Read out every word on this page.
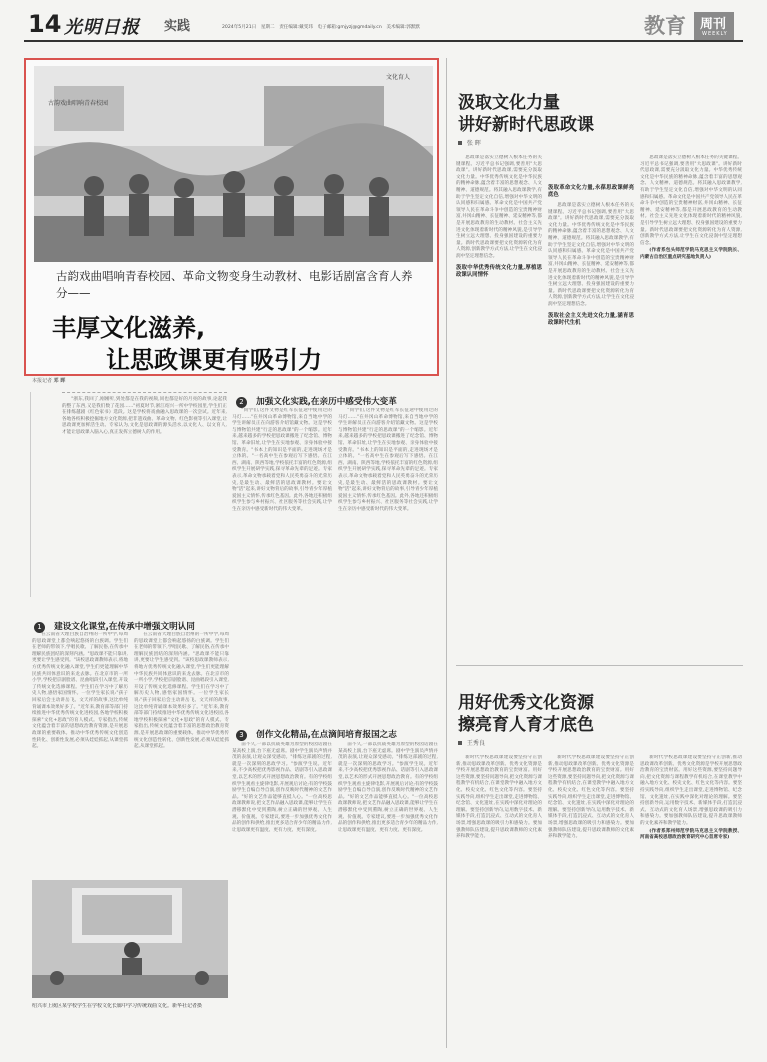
14 光明日报 实践	2024年5月21日　星期二　责任编辑:戴雯玮　电子邮箱:gmjyzj@gmdaily.cn　美术编辑:郭默默	教育 周刊
WEEKLY
古韵戏曲唱响青春校园
文化育人
古韵戏曲唱响青春校园、革命文物变身生动教材、电影话剧富含育人养分——
丰厚文化滋养,
让思政课更有吸引力
本报记者 邓 晖

"浙东,我回了,刚刚听,到处都是在我的视频,同也都是好的月亮的故事,论起我的整了东西,又是我们数了花园……"初夏时节,浙江绍兴一所中学校园里,学生们正在排练越剧《红色家书》选段。这是学校将戏曲融入思政课的一次尝试。近年来,各地各校积极挖掘地方文化资源,把非遗戏曲、革命文物、红色影视等引入课堂,让思政课更加鲜活生动。专家认为,文化是思政课的源头活水,以文化人、以文育人,才能让思政课入脑入心,真正发挥立德树人的作用。

1 建设文化课堂,在传承中增强文明认同

在云南省大理白族自治州的一所中学,每周的思政课堂上都会响起悠扬的白族调。学生们在老师的带领下,学唱民歌、了解民俗,在传承中理解民族团结的深刻内涵。"思政课不能只靠讲,更要让学生感受到。"该校思政课教师表示,将地方优秀传统文化融入课堂,学生们更能理解中华民族共同体意识的来龙去脉。在北京市的一所小学,学校把京剧脸谱、昆曲唱段引入课堂,开设了传统文化选修课程。学生们在学习中了解历史人物,感悟家国情怀。一位学生家长说:"孩子回家后会主动讲岳飞、文天祥的故事,这比单纯背诵课本效果好多了。"近年来,教育部等部门持续推进中华优秀传统文化进校园,各地学校积极探索"文化+思政"的育人模式。专家指出,传统文化蕴含着丰富的思想政治教育资源,是开展思政课的重要载体。推动中华优秀传统文化创造性转化、创新性发展,必须从娃娃抓起,从课堂抓起。

在云南省大理白族自治州的一所中学,每周的思政课堂上都会响起悠扬的白族调。学生们在老师的带领下,学唱民歌、了解民俗,在传承中理解民族团结的深刻内涵。"思政课不能只靠讲,更要让学生感受到。"该校思政课教师表示,将地方优秀传统文化融入课堂,学生们更能理解中华民族共同体意识的来龙去脉。在北京市的一所小学,学校把京剧脸谱、昆曲唱段引入课堂,开设了传统文化选修课程。学生们在学习中了解历史人物,感悟家国情怀。一位学生家长说:"孩子回家后会主动讲岳飞、文天祥的故事,这比单纯背诵课本效果好多了。"近年来,教育部等部门持续推进中华优秀传统文化进校园,各地学校积极探索"文化+思政"的育人模式。专家指出,传统文化蕴含着丰富的思想政治教育资源,是开展思政课的重要载体。推动中华优秀传统文化创造性转化、创新性发展,必须从娃娃抓起,从课堂抓起。

2 加强文化实践,在亲历中感受伟大变革

"同学们,这件文物是红军长征途中使用过的马灯……"在井冈山革命博物馆,来自当地中学的学生讲解员正在向游客介绍馆藏文物。这是学校与博物馆共建"行走的思政课"的一个缩影。近年来,越来越多的学校把思政课搬进了纪念馆、博物馆、革命旧址,让学生在实地参观、亲身体验中接受教育。"书本上的知识是平面的,走进现场才是立体的。"一名高中生在参观后写下感悟。在江西、湖南、陕西等地,学校依托丰富的红色资源,组织学生开展研学实践,探寻革命先辈的足迹。专家表示,革命文物承载着党和人民英勇奋斗的光荣历史,是最生动、最鲜活的思政课教材。要让文物"活"起来,讲好文物背后的故事,引导青少年厚植爱国主义情怀,传承红色基因。此外,各地还积极组织学生参与乡村振兴、社区服务等社会实践,让学生在亲历中感受新时代的伟大变革。

"同学们,这件文物是红军长征途中使用过的马灯……"在井冈山革命博物馆,来自当地中学的学生讲解员正在向游客介绍馆藏文物。这是学校与博物馆共建"行走的思政课"的一个缩影。近年来,越来越多的学校把思政课搬进了纪念馆、博物馆、革命旧址,让学生在实地参观、亲身体验中接受教育。"书本上的知识是平面的,走进现场才是立体的。"一名高中生在参观后写下感悟。在江西、湖南、陕西等地,学校依托丰富的红色资源,组织学生开展研学实践,探寻革命先辈的足迹。专家表示,革命文物承载着党和人民英勇奋斗的光荣历史,是最生动、最鲜活的思政课教材。要让文物"活"起来,讲好文物背后的故事,引导青少年厚植爱国主义情怀,传承红色基因。此外,各地还积极组织学生参与乡村振兴、社区服务等社会实践,让学生在亲历中感受新时代的伟大变革。

3 创作文化精品,在点滴间培育报国之志

前不久,一部以抗战英雄为原型的校园话剧在某高校上演,台下座无虚席。剧中学生演员声情并茂的表演,让观众深受感动。"排练这部剧的过程,就是一次深刻的思政学习。"参演学生说。近年来,不少高校把优秀影视作品、话剧等引入思政课堂,以艺术的形式开展思想政治教育。有的学校组织学生观看主旋律电影,开展观后讨论;有的学校鼓励学生自编自导自演,创作反映时代精神的文艺作品。"好的文艺作品能够直抵人心。"一位高校思政课教师说,把文艺作品融入思政课,能够让学生在潜移默化中受到熏陶,树立正确的世界观、人生观、价值观。专家建议,要进一步加强优秀文化作品的创作和供给,推出更多适合青少年的精品力作,让思政课更有温度、更有力度、更有深度。

前不久,一部以抗战英雄为原型的校园话剧在某高校上演,台下座无虚席。剧中学生演员声情并茂的表演,让观众深受感动。"排练这部剧的过程,就是一次深刻的思政学习。"参演学生说。近年来,不少高校把优秀影视作品、话剧等引入思政课堂,以艺术的形式开展思想政治教育。有的学校组织学生观看主旋律电影,开展观后讨论;有的学校鼓励学生自编自导自演,创作反映时代精神的文艺作品。"好的文艺作品能够直抵人心。"一位高校思政课教师说,把文艺作品融入思政课,能够让学生在潜移默化中受到熏陶,树立正确的世界观、人生观、价值观。专家建议,要进一步加强优秀文化作品的创作和供给,推出更多适合青少年的精品力作,让思政课更有温度、更有力度、更有深度。

绍兴市上虞区某学校学生在学校文化长廊中学习传统戏曲文化。新华社记者摄
汲取文化力量
讲好新时代思政课
张 晖

思政课是落实立德树人根本任务的关键课程。习近平总书记强调,要善用"大思政课"。讲好新时代思政课,需要充分汲取文化力量。中华优秀传统文化是中华民族的精神命脉,蕴含着丰富的思想观念、人文精神、道德规范。将其融入思政课教学,有助于学生坚定文化自信,增强对中华文明的认同感和归属感。革命文化是中国共产党领导人民在革命斗争中创造的宝贵精神财富,井冈山精神、长征精神、延安精神等,都是开展思政教育的生动教材。社会主义先进文化体现着新时代的精神风貌,是引导学生树立远大理想、投身强国建设的重要力量。新时代思政课要把文化资源转化为育人资源,创新教学方式方法,让学生在文化浸润中坚定理想信念。

汲取中华优秀传统文化力量,厚植思政课认同情怀
汲取革命文化力量,永葆思政课鲜亮底色

思政课是落实立德树人根本任务的关键课程。习近平总书记强调,要善用"大思政课"。讲好新时代思政课,需要充分汲取文化力量。中华优秀传统文化是中华民族的精神命脉,蕴含着丰富的思想观念、人文精神、道德规范。将其融入思政课教学,有助于学生坚定文化自信,增强对中华文明的认同感和归属感。革命文化是中国共产党领导人民在革命斗争中创造的宝贵精神财富,井冈山精神、长征精神、延安精神等,都是开展思政教育的生动教材。社会主义先进文化体现着新时代的精神风貌,是引导学生树立远大理想、投身强国建设的重要力量。新时代思政课要把文化资源转化为育人资源,创新教学方式方法,让学生在文化浸润中坚定理想信念。

汲取社会主义先进文化力量,涵育思政课时代生机

思政课是落实立德树人根本任务的关键课程。习近平总书记强调,要善用"大思政课"。讲好新时代思政课,需要充分汲取文化力量。中华优秀传统文化是中华民族的精神命脉,蕴含着丰富的思想观念、人文精神、道德规范。将其融入思政课教学,有助于学生坚定文化自信,增强对中华文明的认同感和归属感。革命文化是中国共产党领导人民在革命斗争中创造的宝贵精神财富,井冈山精神、长征精神、延安精神等,都是开展思政教育的生动教材。社会主义先进文化体现着新时代的精神风貌,是引导学生树立远大理想、投身强国建设的重要力量。新时代思政课要把文化资源转化为育人资源,创新教学方式方法,让学生在文化浸润中坚定理想信念。

(作者系包头师范学院马克思主义学院院长、内蒙古自治区重点研究基地负责人)

用好优秀文化资源
擦亮育人育才底色
王秀良

新时代学校思政课建设要坚持守正创新,推动思政课改革创新。优秀文化资源是学校开展思想政治教育的宝贵财富。用好这些资源,要坚持问题导向,把文化资源与课程教学有机结合,在课堂教学中融入地方文化、校史文化、红色文化等内容。要坚持实践导向,组织学生走出课堂,走进博物馆、纪念馆、文化遗址,在实践中深化对理论的理解。要坚持创新导向,运用数字技术、新媒体手段,打造沉浸式、互动式的文化育人场景,增强思政课的吸引力和感染力。要加强教师队伍建设,提升思政课教师的文化素养和教学能力。

新时代学校思政课建设要坚持守正创新,推动思政课改革创新。优秀文化资源是学校开展思想政治教育的宝贵财富。用好这些资源,要坚持问题导向,把文化资源与课程教学有机结合,在课堂教学中融入地方文化、校史文化、红色文化等内容。要坚持实践导向,组织学生走出课堂,走进博物馆、纪念馆、文化遗址,在实践中深化对理论的理解。要坚持创新导向,运用数字技术、新媒体手段,打造沉浸式、互动式的文化育人场景,增强思政课的吸引力和感染力。要加强教师队伍建设,提升思政课教师的文化素养和教学能力。

新时代学校思政课建设要坚持守正创新,推动思政课改革创新。优秀文化资源是学校开展思想政治教育的宝贵财富。用好这些资源,要坚持问题导向,把文化资源与课程教学有机结合,在课堂教学中融入地方文化、校史文化、红色文化等内容。要坚持实践导向,组织学生走出课堂,走进博物馆、纪念馆、文化遗址,在实践中深化对理论的理解。要坚持创新导向,运用数字技术、新媒体手段,打造沉浸式、互动式的文化育人场景,增强思政课的吸引力和感染力。要加强教师队伍建设,提升思政课教师的文化素养和教学能力。

(作者系郑州师范学院马克思主义学院教授、河南省高校思想政治教育研究中心首席专家)
